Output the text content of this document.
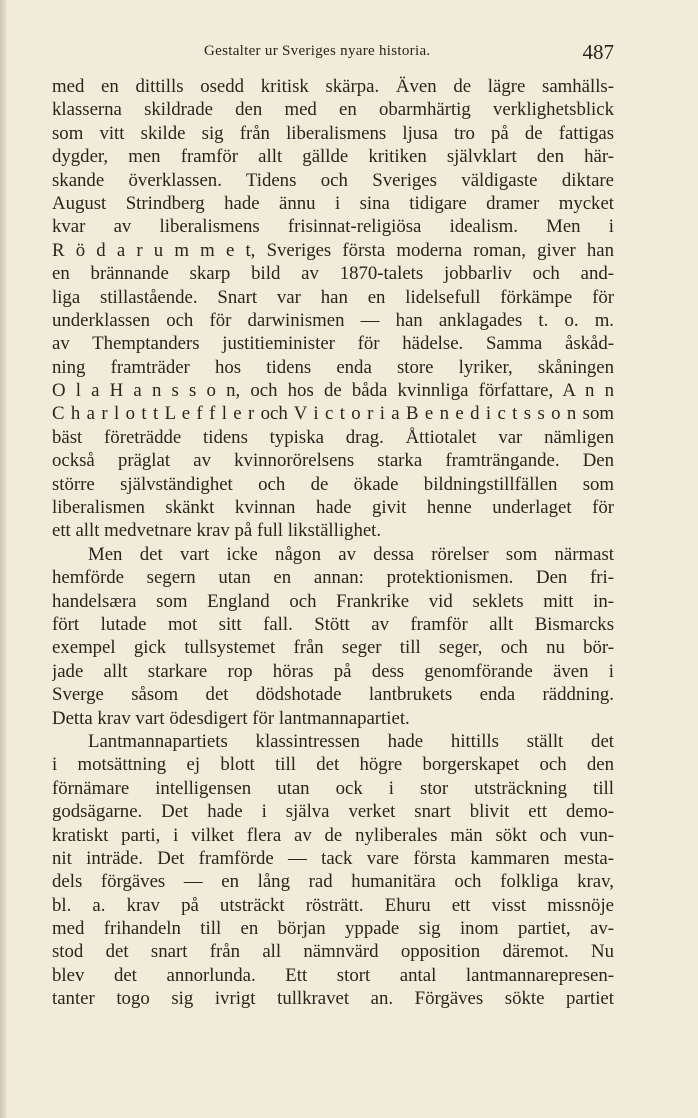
Gestalter ur Sveriges nyare historia.	487
med en dittills osedd kritisk skärpa. Även de lägre samhälls-
klasserna skildrade den med en obarmhärtig verklighetsblick
som vitt skilde sig från liberalismens ljusa tro på de fattigas
dygder, men framför allt gällde kritiken självklart den här-
skande överklassen. Tidens och Sveriges väldigaste diktare
August Strindberg hade ännu i sina tidigare dramer mycket
kvar av liberalismens frisinnat-religiösa idealism. Men i
R ö d a r u m m e t, Sveriges första moderna roman, giver han
en brännande skarp bild av 1870-talets jobbarliv och and-
liga stillastående. Snart var han en lidelsefull förkämpe för
underklassen och för darwinismen — han anklagades t. o. m.
av Themptanders justitieminister för hädelse. Samma åskåd-
ning framträder hos tidens enda store lyriker, skåningen
O l a H a n s s o n, och hos de båda kvinnliga författare, A n n
C h a r l o t t L e f f l e r och V i c t o r i a B e n e d i c t s s o n som
bäst företrädde tidens typiska drag. Åttiotalet var nämligen
också präglat av kvinnorörelsens starka framträngande. Den
större självständighet och de ökade bildningstillfällen som
liberalismen skänkt kvinnan hade givit henne underlaget för
ett allt medvetnare krav på full likställighet.
Men det vart icke någon av dessa rörelser som närmast
hemförde segern utan en annan: protektionismen. Den fri-
handelsæra som England och Frankrike vid seklets mitt in-
fört lutade mot sitt fall. Stött av framför allt Bismarcks
exempel gick tullsystemet från seger till seger, och nu bör-
jade allt starkare rop höras på dess genomförande även i
Sverge såsom det dödshotade lantbrukets enda räddning.
Detta krav vart ödesdigert för lantmannapartiet.
Lantmannapartiets klassintressen hade hittills ställt det
i motsättning ej blott till det högre borgerskapet och den
förnämare intelligensen utan ock i stor utsträckning till
godsägarne. Det hade i själva verket snart blivit ett demo-
kratiskt parti, i vilket flera av de nyliberales män sökt och vun-
nit inträde. Det framförde — tack vare första kammaren mesta-
dels förgäves — en lång rad humanitära och folkliga krav,
bl. a. krav på utsträckt rösträtt. Ehuru ett visst missnöje
med frihandeln till en början yppade sig inom partiet, av-
stod det snart från all nämnvärd opposition däremot. Nu
blev det annorlunda. Ett stort antal lantmannarepresen-
tanter togo sig ivrigt tullkravet an. Förgäves sökte partiet
